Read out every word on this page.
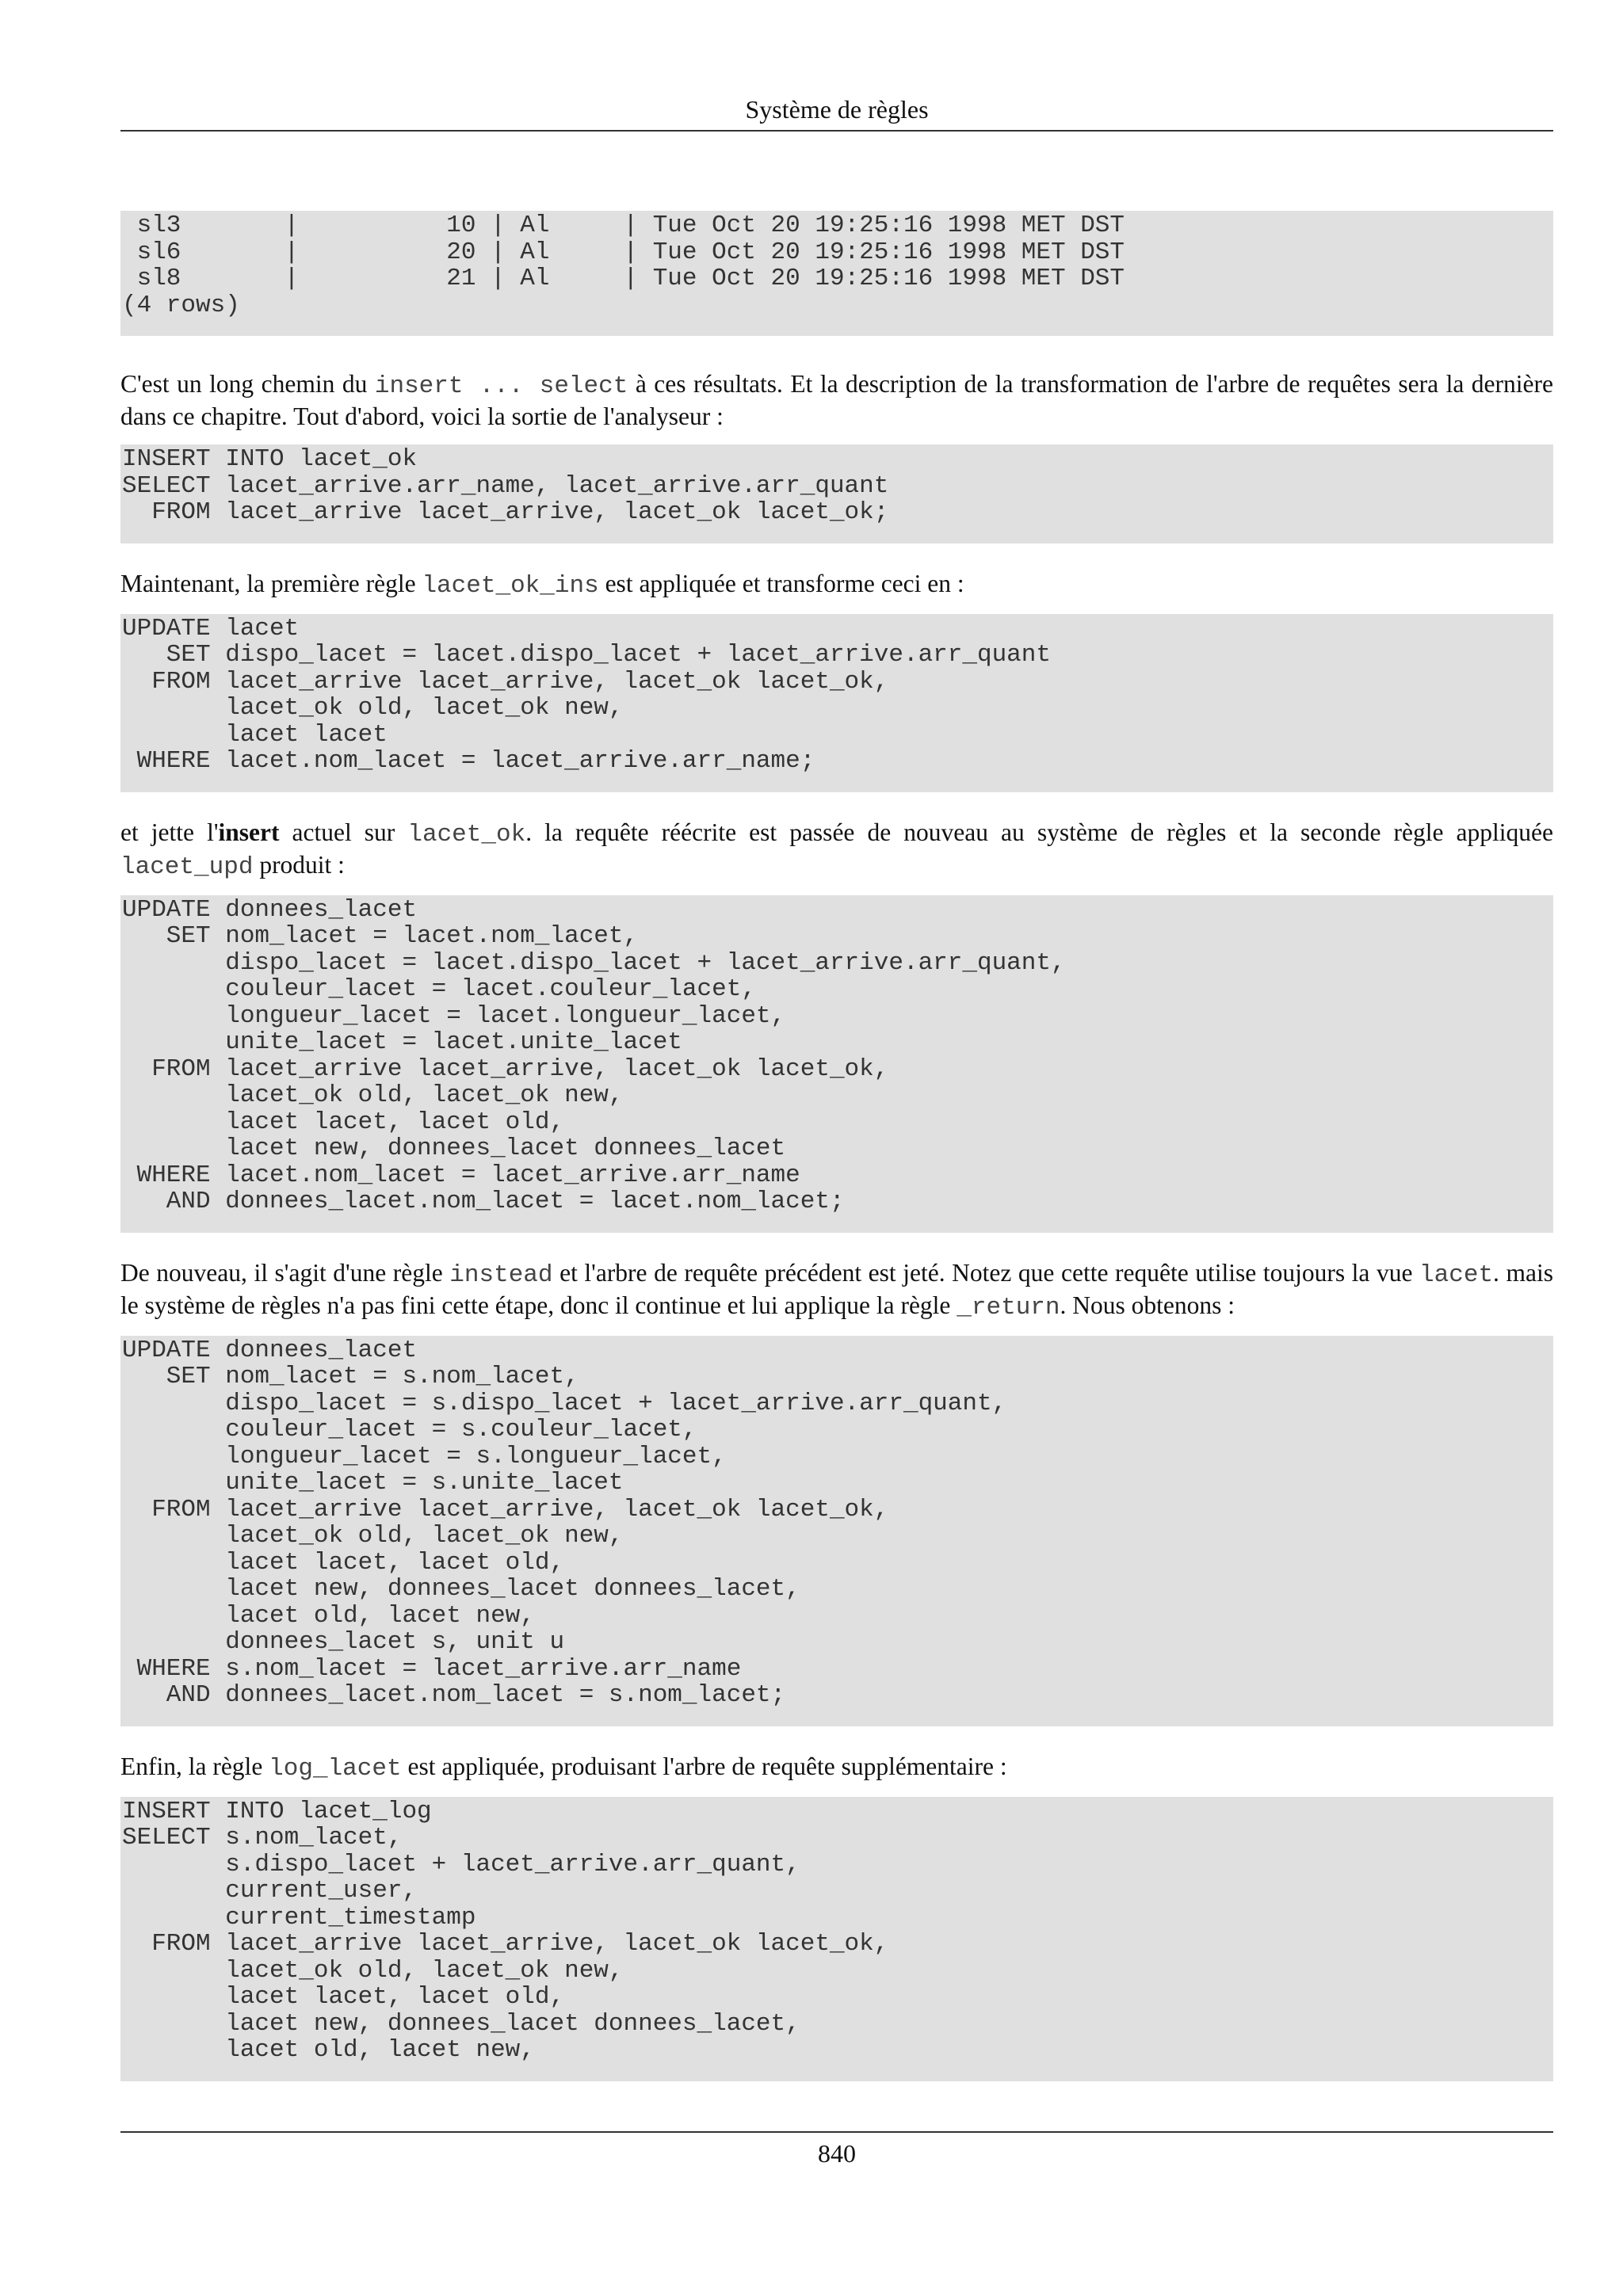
Système de règles
sl3       |          10 | Al     | Tue Oct 20 19:25:16 1998 MET DST
sl6       |          20 | Al     | Tue Oct 20 19:25:16 1998 MET DST
sl8       |          21 | Al     | Tue Oct 20 19:25:16 1998 MET DST
(4 rows)

C'est un long chemin du insert ... select à ces résultats. Et la description de la transformation de l'arbre de requêtes sera la dernière dans ce chapitre. Tout d'abord, voici la sortie de l'analyseur :

INSERT INTO lacet_ok
SELECT lacet_arrive.arr_name, lacet_arrive.arr_quant
FROM lacet_arrive lacet_arrive, lacet_ok lacet_ok;

Maintenant, la première règle lacet_ok_ins est appliquée et transforme ceci en :

UPDATE lacet
SET dispo_lacet = lacet.dispo_lacet + lacet_arrive.arr_quant
FROM lacet_arrive lacet_arrive, lacet_ok lacet_ok,
lacet_ok old, lacet_ok new,
lacet lacet
WHERE lacet.nom_lacet = lacet_arrive.arr_name;

et jette l'insert actuel sur lacet_ok. la requête réécrite est passée de nouveau au système de règles et la seconde règle appliquée lacet_upd produit :

UPDATE donnees_lacet
SET nom_lacet = lacet.nom_lacet,
dispo_lacet = lacet.dispo_lacet + lacet_arrive.arr_quant,
couleur_lacet = lacet.couleur_lacet,
longueur_lacet = lacet.longueur_lacet,
unite_lacet = lacet.unite_lacet
FROM lacet_arrive lacet_arrive, lacet_ok lacet_ok,
lacet_ok old, lacet_ok new,
lacet lacet, lacet old,
lacet new, donnees_lacet donnees_lacet
WHERE lacet.nom_lacet = lacet_arrive.arr_name
AND donnees_lacet.nom_lacet = lacet.nom_lacet;

De nouveau, il s'agit d'une règle instead et l'arbre de requête précédent est jeté. Notez que cette requête utilise toujours la vue lacet. mais le système de règles n'a pas fini cette étape, donc il continue et lui applique la règle _return. Nous obtenons :

UPDATE donnees_lacet
SET nom_lacet = s.nom_lacet,
dispo_lacet = s.dispo_lacet + lacet_arrive.arr_quant,
couleur_lacet = s.couleur_lacet,
longueur_lacet = s.longueur_lacet,
unite_lacet = s.unite_lacet
FROM lacet_arrive lacet_arrive, lacet_ok lacet_ok,
lacet_ok old, lacet_ok new,
lacet lacet, lacet old,
lacet new, donnees_lacet donnees_lacet,
lacet old, lacet new,
donnees_lacet s, unit u
WHERE s.nom_lacet = lacet_arrive.arr_name
AND donnees_lacet.nom_lacet = s.nom_lacet;

Enfin, la règle log_lacet est appliquée, produisant l'arbre de requête supplémentaire :

INSERT INTO lacet_log
SELECT s.nom_lacet,
s.dispo_lacet + lacet_arrive.arr_quant,
current_user,
current_timestamp
FROM lacet_arrive lacet_arrive, lacet_ok lacet_ok,
lacet_ok old, lacet_ok new,
lacet lacet, lacet old,
lacet new, donnees_lacet donnees_lacet,
lacet old, lacet new,
840
